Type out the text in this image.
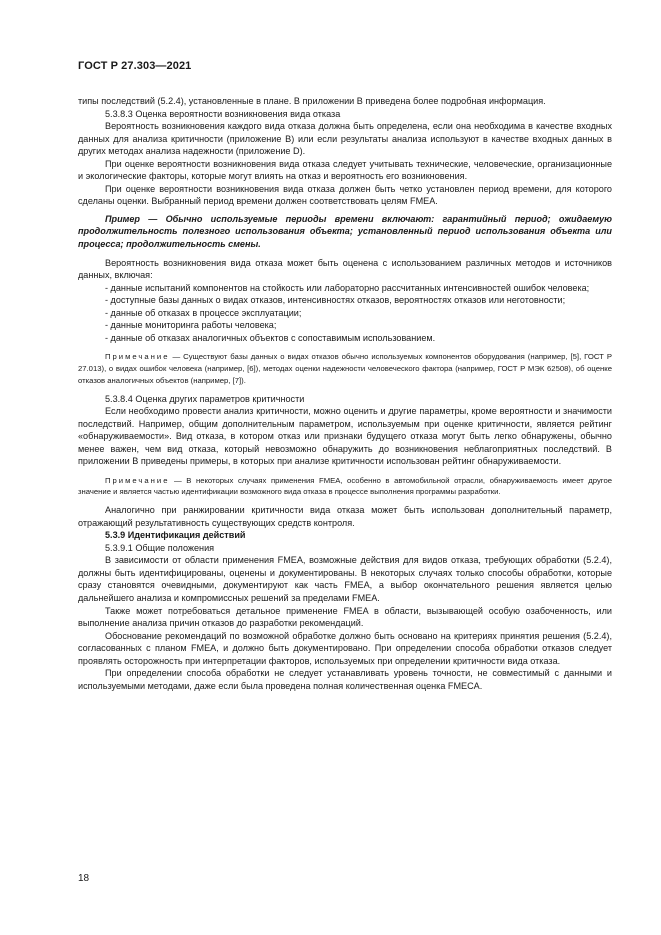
ГОСТ Р 27.303—2021

типы последствий (5.2.4), установленные в плане. В приложении В приведена более подробная информация.

5.3.8.3 Оценка вероятности возникновения вида отказа

Вероятность возникновения каждого вида отказа должна быть определена, если она необходима в качестве входных данных для анализа критичности (приложение В) или если результаты анализа используют в качестве входных данных в других методах анализа надежности (приложение D).

При оценке вероятности возникновения вида отказа следует учитывать технические, человеческие, организационные и экологические факторы, которые могут влиять на отказ и вероятность его возникновения.

При оценке вероятности возникновения вида отказа должен быть четко установлен период времени, для которого сделаны оценки. Выбранный период времени должен соответствовать целям FMEA.

Пример — Обычно используемые периоды времени включают: гарантийный период; ожидаемую продолжительность полезного использования объекта; установленный период использования объекта или процесса; продолжительность смены.

Вероятность возникновения вида отказа может быть оценена с использованием различных методов и источников данных, включая:

- данные испытаний компонентов на стойкость или лабораторно рассчитанных интенсивностей ошибок человека;

- доступные базы данных о видах отказов, интенсивностях отказов, вероятностях отказов или неготовности;

- данные об отказах в процессе эксплуатации;

- данные мониторинга работы человека;

- данные об отказах аналогичных объектов с сопоставимым использованием.

Примечание — Существуют базы данных о видах отказов обычно используемых компонентов оборудования (например, [5], ГОСТ Р 27.013), о видах ошибок человека (например, [6]), методах оценки надежности человеческого фактора (например, ГОСТ Р МЭК 62508), об оценке отказов аналогичных объектов (например, [7]).

5.3.8.4 Оценка других параметров критичности

Если необходимо провести анализ критичности, можно оценить и другие параметры, кроме вероятности и значимости последствий. Например, общим дополнительным параметром, используемым при оценке критичности, является рейтинг «обнаруживаемости». Вид отказа, в котором отказ или признаки будущего отказа могут быть легко обнаружены, обычно менее важен, чем вид отказа, который невозможно обнаружить до возникновения неблагоприятных последствий. В приложении В приведены примеры, в которых при анализе критичности использован рейтинг обнаруживаемости.

Примечание — В некоторых случаях применения FMEA, особенно в автомобильной отрасли, обнаруживаемость имеет другое значение и является частью идентификации возможного вида отказа в процессе выполнения программы разработки.

Аналогично при ранжировании критичности вида отказа может быть использован дополнительный параметр, отражающий результативность существующих средств контроля.

5.3.9 Идентификация действий

5.3.9.1 Общие положения

В зависимости от области применения FMEA, возможные действия для видов отказа, требующих обработки (5.2.4), должны быть идентифицированы, оценены и документированы. В некоторых случаях только способы обработки, которые сразу становятся очевидными, документируют как часть FMEA, а выбор окончательного решения является целью дальнейшего анализа и компромиссных решений за пределами FMEA.

Также может потребоваться детальное применение FMEA в области, вызывающей особую озабоченность, или выполнение анализа причин отказов до разработки рекомендаций.

Обоснование рекомендаций по возможной обработке должно быть основано на критериях принятия решения (5.2.4), согласованных с планом FMEA, и должно быть документировано. При определении способа обработки отказов следует проявлять осторожность при интерпретации факторов, используемых при определении критичности вида отказа.

При определении способа обработки не следует устанавливать уровень точности, не совместимый с данными и используемыми методами, даже если была проведена полная количественная оценка FMECA.

18
